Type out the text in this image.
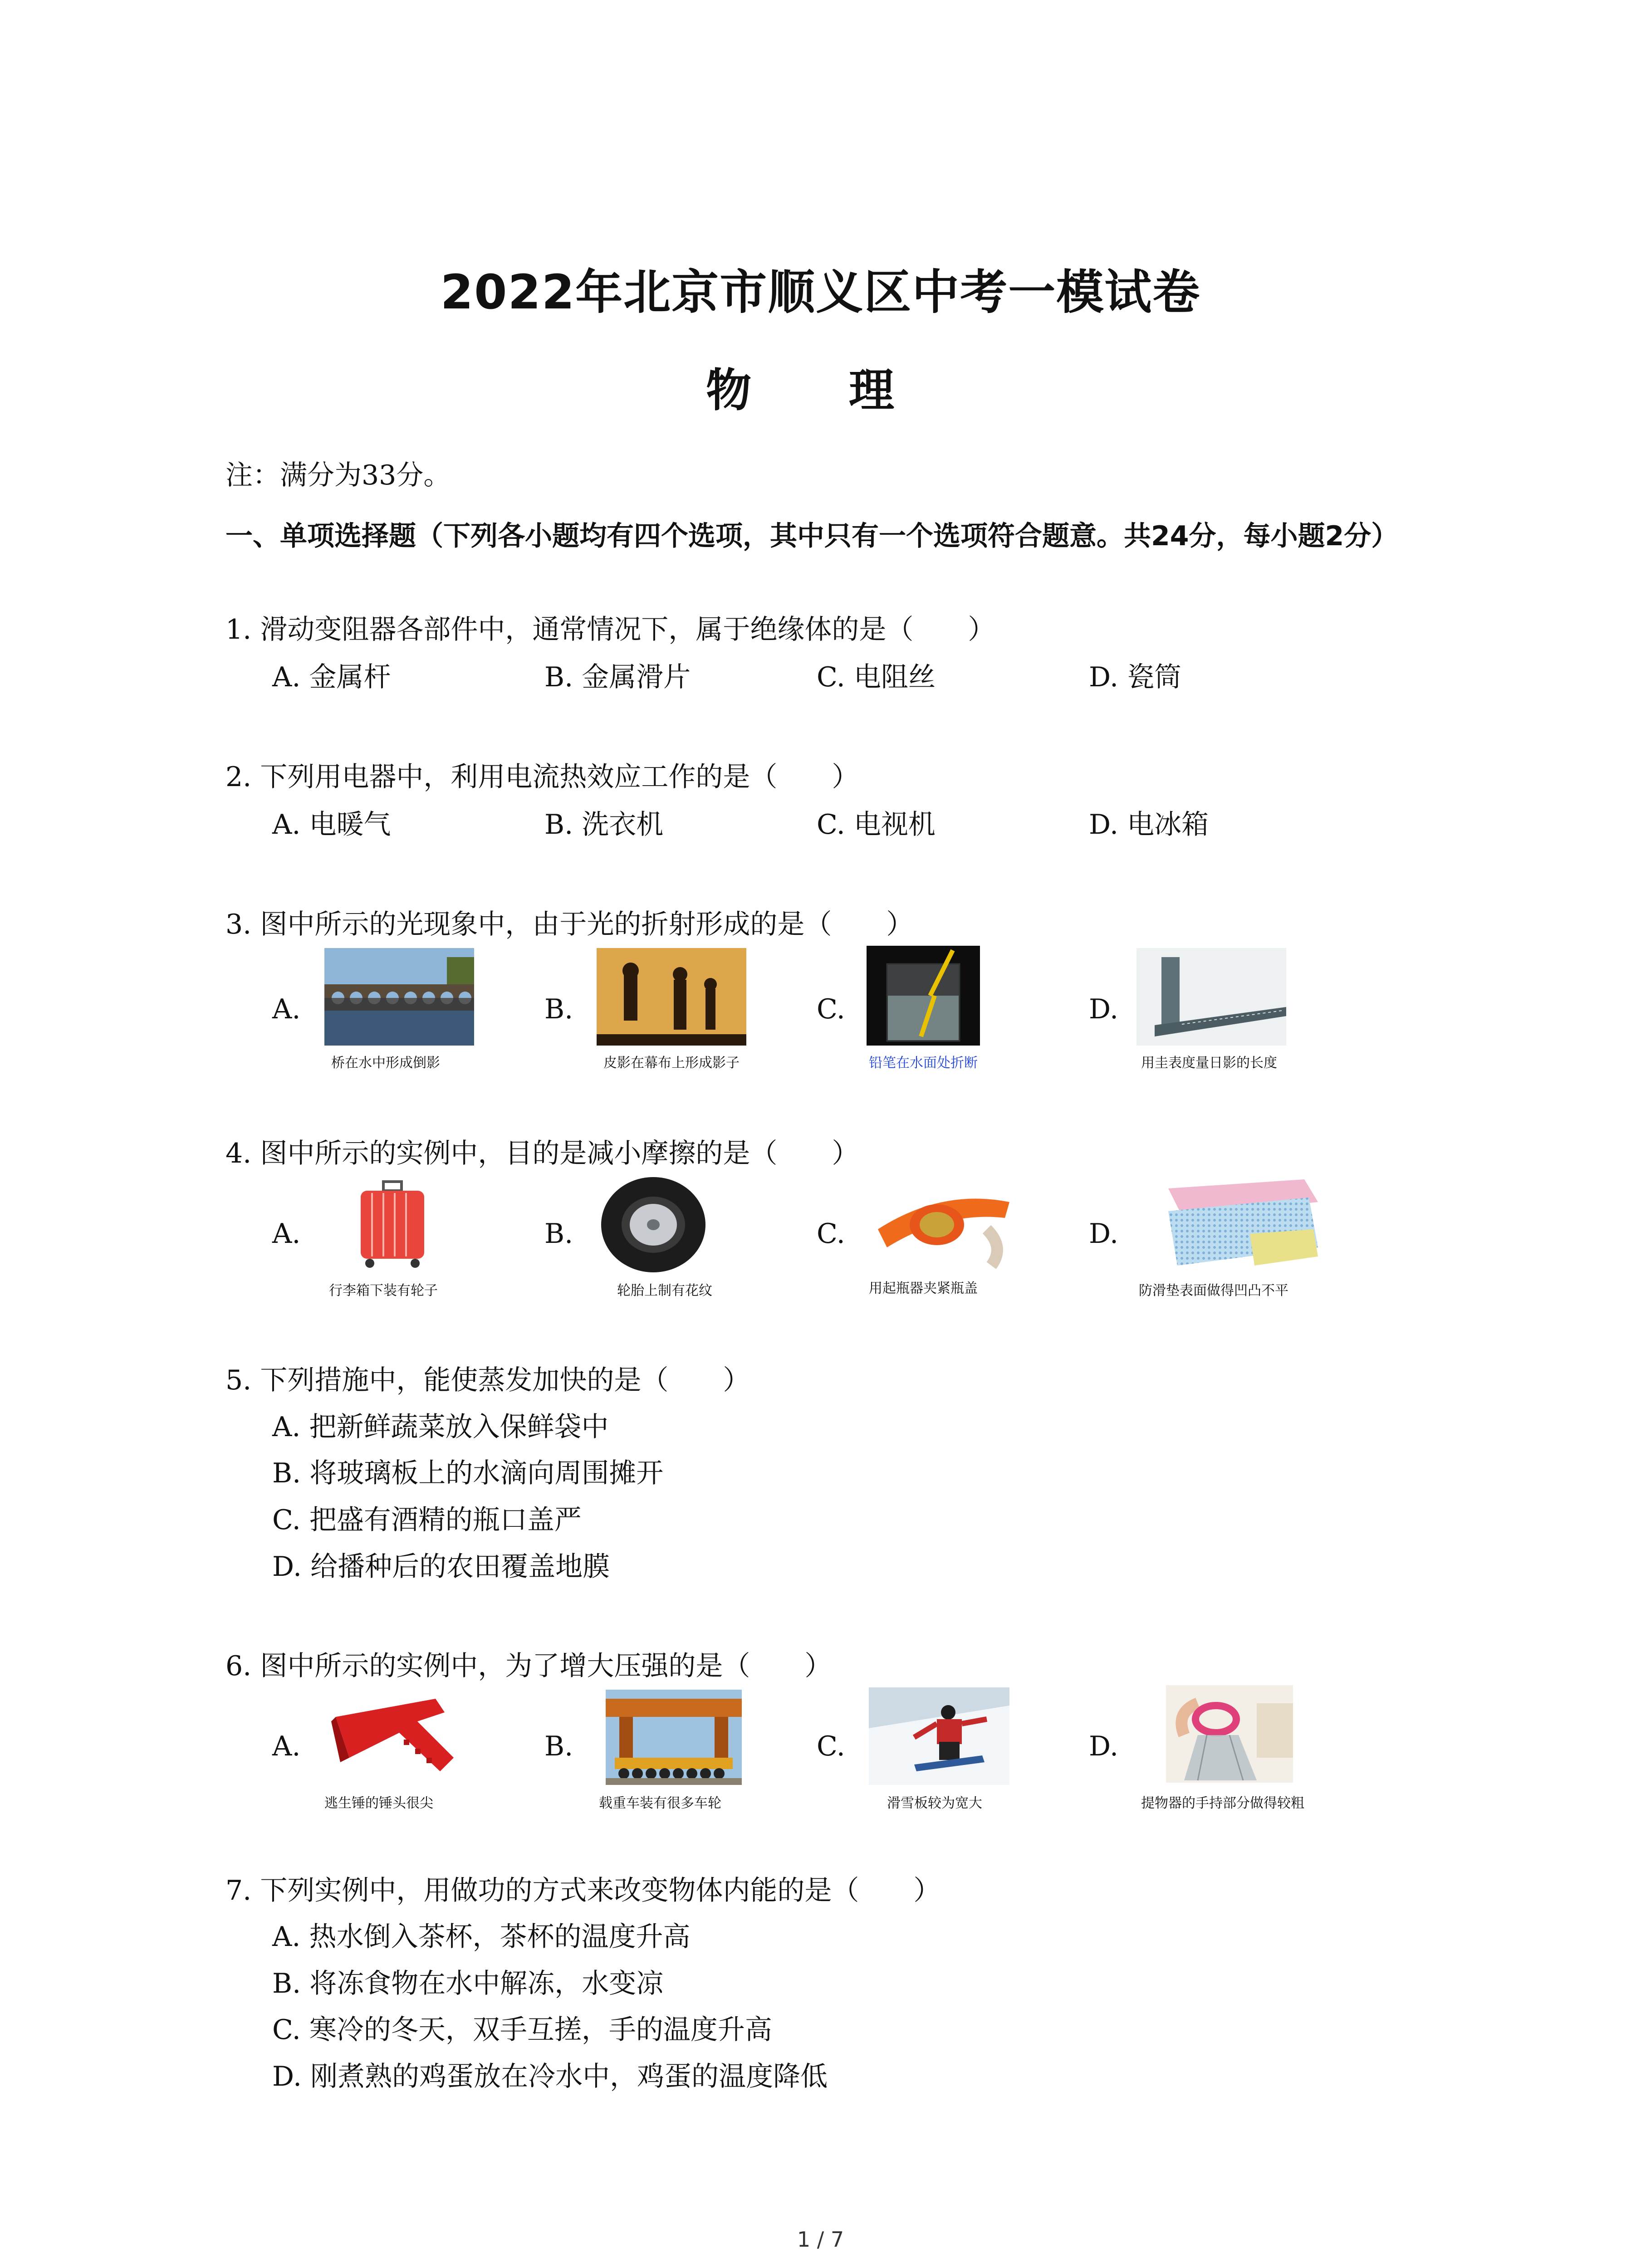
2022年北京市顺义区中考一模试卷
物 理
注：满分为33分。
一、单项选择题（下列各小题均有四个选项，其中只有一个选项符合题意。共24分，每小题2分）
1. 滑动变阻器各部件中，通常情况下，属于绝缘体的是（　　）
A. 金属杆	B. 金属滑片	C. 电阻丝	D. 瓷筒
2. 下列用电器中，利用电流热效应工作的是（　　）
A. 电暖气	B. 洗衣机	C. 电视机	D. 电冰箱
3. 图中所示的光现象中，由于光的折射形成的是（　　）
A.	B.	C.	D.
桥在水中形成倒影	皮影在幕布上形成影子	铅笔在水面处折断	用圭表度量日影的长度
4. 图中所示的实例中，目的是减小摩擦的是（　　）
A.	B.	C.	D.
行李箱下装有轮子	轮胎上制有花纹	用起瓶器夹紧瓶盖	防滑垫表面做得凹凸不平
5. 下列措施中，能使蒸发加快的是（　　）
A. 把新鲜蔬菜放入保鲜袋中
B. 将玻璃板上的水滴向周围摊开
C. 把盛有酒精的瓶口盖严
D. 给播种后的农田覆盖地膜
6. 图中所示的实例中，为了增大压强的是（　　）
A.	B.	C.	D.
逃生锤的锤头很尖	载重车装有很多车轮	滑雪板较为宽大	提物器的手持部分做得较粗
7. 下列实例中，用做功的方式来改变物体内能的是（　　）
A. 热水倒入茶杯，茶杯的温度升高
B. 将冻食物在水中解冻，水变凉
C. 寒冷的冬天，双手互搓，手的温度升高
D. 刚煮熟的鸡蛋放在冷水中，鸡蛋的温度降低
1 / 7
